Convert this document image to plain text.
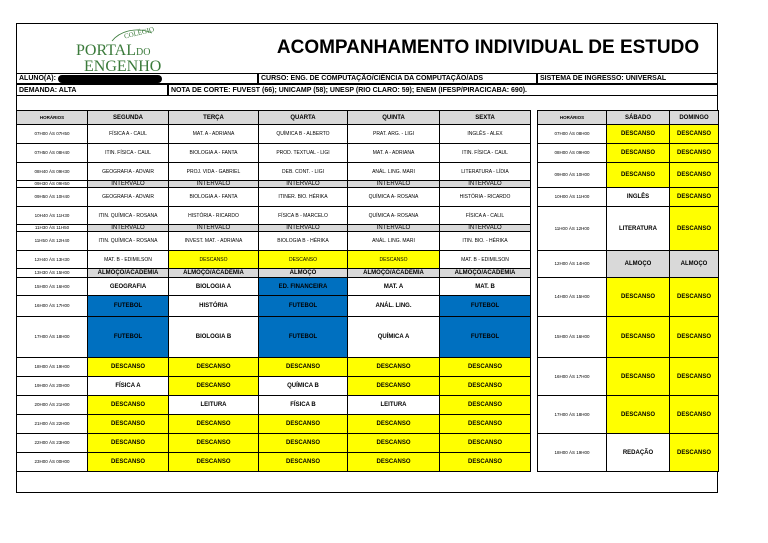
COLÉGIO
PORTAL DO
ENGENHO
ACOMPANHAMENTO INDIVIDUAL DE ESTUDO
ALUNO(A):	CURSO: ENG. DE COMPUTAÇÃO/CIÊNCIA DA COMPUTAÇÃO/ADS	SISTEMA DE INGRESSO: UNIVERSAL
DEMANDA: ALTA	NOTA DE CORTE: FUVEST (66); UNICAMP (58); UNESP (RIO CLARO: 59); ENEM (IFESP/PIRACICABA: 690).
HORÁRIOS	SEGUNDA	TERÇA	QUARTA	QUINTA	SEXTA
07H00 ÀS 07H50	FÍSICA A - CAUL	MAT. A - ADRIANA	QUÍMICA B - ALBERTO	PRAT. ARG. - LIGI	INGLÊS - ALEX
07H50 ÀS 08H40	ITIN. FÍSICA - CAUL	BIOLOGIA A - FANTA	PROD. TEXTUAL - LIGI	MAT. A - ADRIANA	ITIN. FÍSICA - CAUL
08H40 ÀS 09H30	GEOGRAFIA - ADVAIR	PROJ. VIDA - GABRIEL	DEB. CONT. - LIGI	ANÁL. LING. MARI	LITERATURA - LÍDIA
09H30 ÀS 09H50	INTERVALO	INTERVALO	INTERVALO	INTERVALO	INTERVALO
09H50 ÀS 10H40	GEOGRAFIA - ADVAIR	BIOLOGIA A - FANTA	ITINER. BIO. HÉRIKA	QUÍMICA A- ROSANA	HISTÓRIA - RICARDO
10H40 ÀS 11H30	ITIN. QUÍMICA - ROSANA	HISTÓRIA - RICARDO	FÍSICA B - MARCELO	QUÍMICA A- ROSANA	FÍSICA A - CALIL
11H30 ÀS 11H50	INTERVALO	INTERVALO	INTERVALO	INTERVALO	INTERVALO
11H50 ÀS 12H40	ITIN. QUÍMICA - ROSANA	INVEST. MAT. - ADRIANA	BIOLOGIA B - HÉRIKA	ANÁL. LING. MARI	ITIN. BIO. - HÉRIKA
12H40 ÀS 13H30	MAT. B - EDIMILSON	DESCANSO	DESCANSO	DESCANSO	MAT. B - EDIMILSON
13H30 ÀS 15H00	ALMOÇO/ACADEMIA	ALMOÇO/ACADEMIA	ALMOÇO	ALMOÇO/ACADEMIA	ALMOÇO/ACADEMIA
15H00 ÀS 16H00	GEOGRAFIA	BIOLOGIA A	ED. FINANCEIRA	MAT. A	MAT. B
16H00 ÀS 17H00	FUTEBOL	HISTÓRIA	FUTEBOL	ANÁL. LING.	FUTEBOL
17H00 ÀS 18H00	FUTEBOL	BIOLOGIA B	FUTEBOL	QUÍMICA A	FUTEBOL
18H00 ÀS 19H00	DESCANSO	DESCANSO	DESCANSO	DESCANSO	DESCANSO
19H00 ÀS 20H00	FÍSICA A	DESCANSO	QUÍMICA B	DESCANSO	DESCANSO
20H00 ÀS 21H00	DESCANSO	LEITURA	FÍSICA B	LEITURA	DESCANSO
21H00 ÀS 22H00	DESCANSO	DESCANSO	DESCANSO	DESCANSO	DESCANSO
22H00 ÀS 23H00	DESCANSO	DESCANSO	DESCANSO	DESCANSO	DESCANSO
23H00 ÀS 00H00	DESCANSO	DESCANSO	DESCANSO	DESCANSO	DESCANSO
HORÁRIOS	SÁBADO	DOMINGO
07H00 ÀS 08H00	DESCANSO	DESCANSO
08H00 ÀS 09H00	DESCANSO	DESCANSO
09H00 ÀS 10H00	DESCANSO	DESCANSO
10H00 ÀS 11H00	INGLÊS	DESCANSO
11H00 ÀS 12H00	LITERATURA	DESCANSO
12H00 ÀS 14H00	ALMOÇO	ALMOÇO
14H00 ÀS 15H00	DESCANSO	DESCANSO
15H00 ÀS 16H00	DESCANSO	DESCANSO
16H00 ÀS 17H00	DESCANSO	DESCANSO
17H00 ÀS 18H00	DESCANSO	DESCANSO
18H00 ÀS 19H00	REDAÇÃO	DESCANSO
